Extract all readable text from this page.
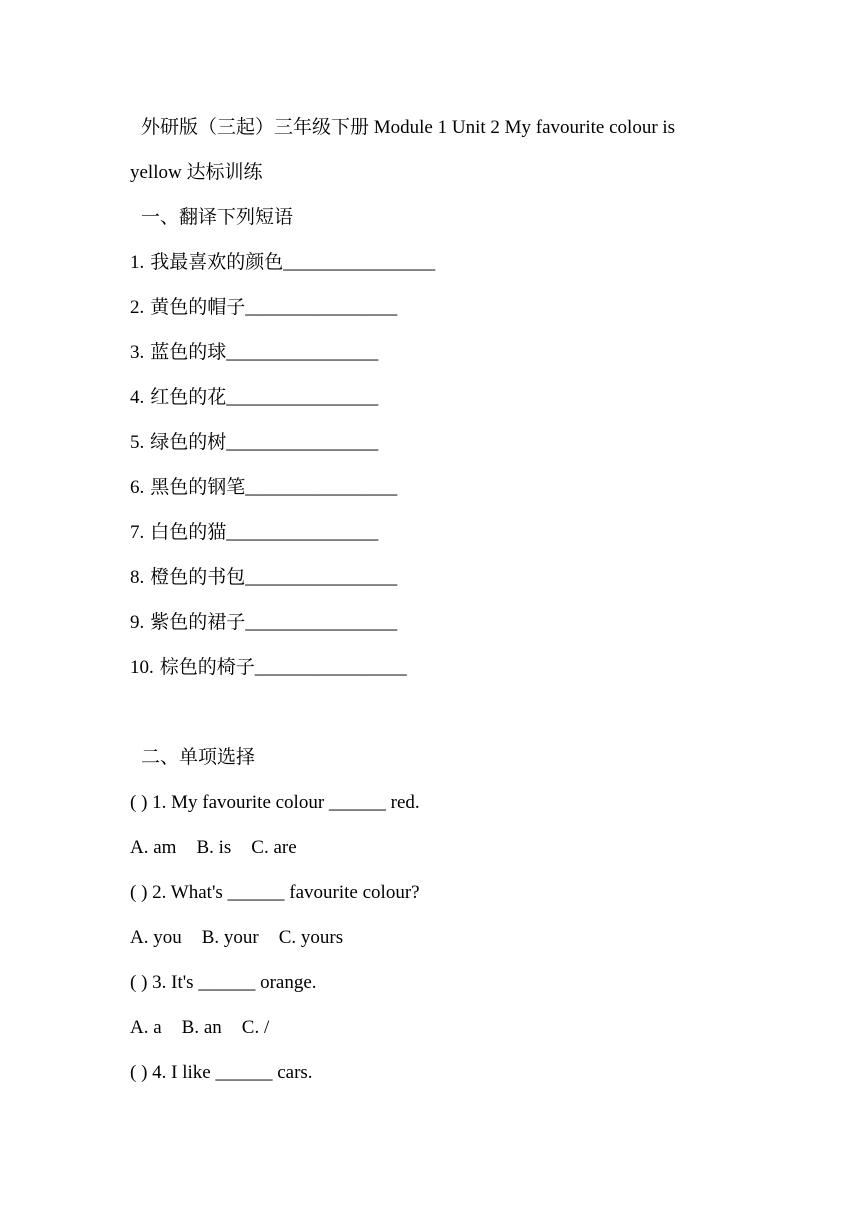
外研版（三起）三年级下册 Module 1 Unit 2 My favourite colour is
yellow 达标训练
一、翻译下列短语
1. 我最喜欢的颜色________________
2. 黄色的帽子________________
3. 蓝色的球________________
4. 红色的花________________
5. 绿色的树________________
6. 黑色的钢笔________________
7. 白色的猫________________
8. 橙色的书包________________
9. 紫色的裙子________________
10. 棕色的椅子________________
二、单项选择
( ) 1. My favourite colour ______ red.
A. am B. is C. are
( ) 2. What's ______ favourite colour?
A. you B. your C. yours
( ) 3. It's ______ orange.
A. a B. an C. /
( ) 4. I like ______ cars.
